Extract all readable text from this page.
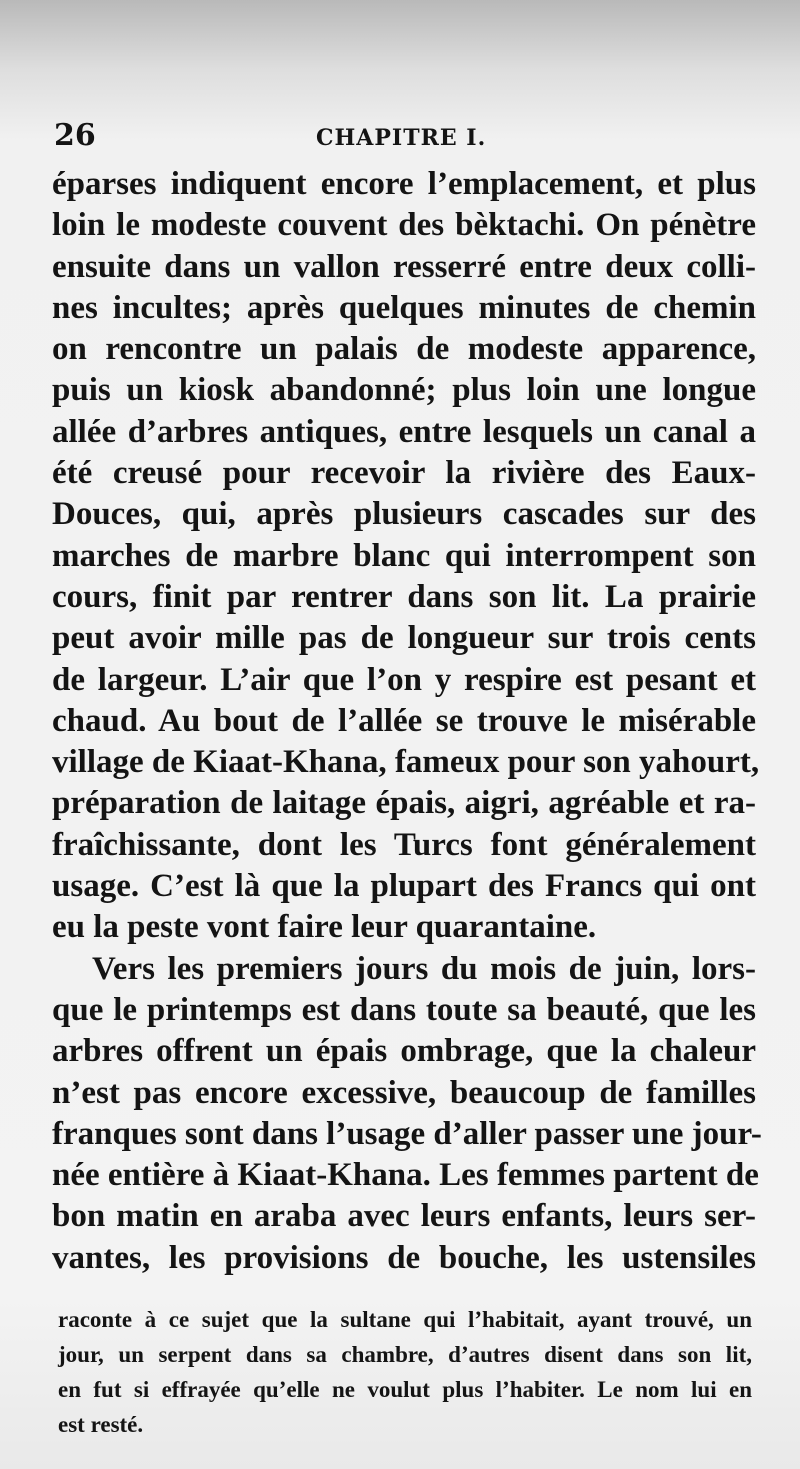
26	CHAPITRE I.
éparses indiquent encore l’emplacement, et plus
loin le modeste couvent des bèktachi. On pénètre
ensuite dans un vallon resserré entre deux colli-
nes incultes; après quelques minutes de chemin
on rencontre un palais de modeste apparence,
puis un kiosk abandonné; plus loin une longue
allée d’arbres antiques, entre lesquels un canal a
été creusé pour recevoir la rivière des Eaux-
Douces, qui, après plusieurs cascades sur des
marches de marbre blanc qui interrompent son
cours, finit par rentrer dans son lit. La prairie
peut avoir mille pas de longueur sur trois cents
de largeur. L’air que l’on y respire est pesant et
chaud. Au bout de l’allée se trouve le misérable
village de Kiaat-Khana, fameux pour son yahourt,
préparation de laitage épais, aigri, agréable et ra-
fraîchissante, dont les Turcs font généralement
usage. C’est là que la plupart des Francs qui ont
eu la peste vont faire leur quarantaine.
Vers les premiers jours du mois de juin, lors-
que le printemps est dans toute sa beauté, que les
arbres offrent un épais ombrage, que la chaleur
n’est pas encore excessive, beaucoup de familles
franques sont dans l’usage d’aller passer une jour-
née entière à Kiaat-Khana. Les femmes partent de
bon matin en araba avec leurs enfants, leurs ser-
vantes, les provisions de bouche, les ustensiles
raconte à ce sujet que la sultane qui l’habitait, ayant trouvé, un
jour, un serpent dans sa chambre, d’autres disent dans son lit,
en fut si effrayée qu’elle ne voulut plus l’habiter. Le nom lui en
est resté.
